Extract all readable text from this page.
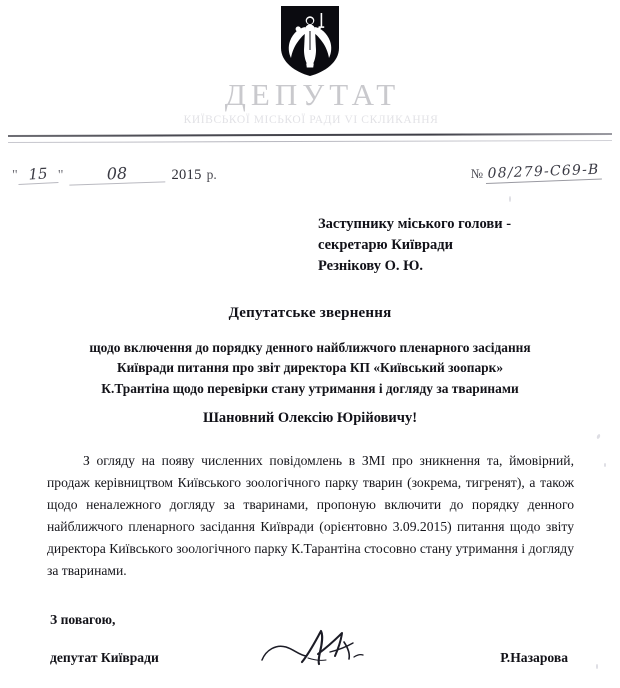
ДЕПУТАТ
КИЇВСЬКОЇ МІСЬКОЇ РАДИ VI СКЛИКАННЯ
" 15 "	08	2015 р.	№ 08/279-С69-В
Заступнику міського голови -
секретарю Київради
Резнікову О. Ю.
Депутатське звернення
щодо включення до порядку денного найближчого пленарного засідання
Київради питання про звіт директора КП «Київський зоопарк»
К.Трантіна щодо перевірки стану утримання і догляду за тваринами
Шановний Олексію Юрійовичу!
З огляду на появу численних повідомлень в ЗМІ про зникнення та, ймовірний, продаж керівництвом Київського зоологічного парку тварин (зокрема, тигренят), а також щодо неналежного догляду за тваринами, пропоную включити до порядку денного найближчого пленарного засідання Київради (орієнтовно 3.09.2015) питання щодо звіту директора Київського зоологічного парку К.Тарантіна стосовно стану утримання і догляду за тваринами.
З повагою,
депутат Київради	Р.Назарова
